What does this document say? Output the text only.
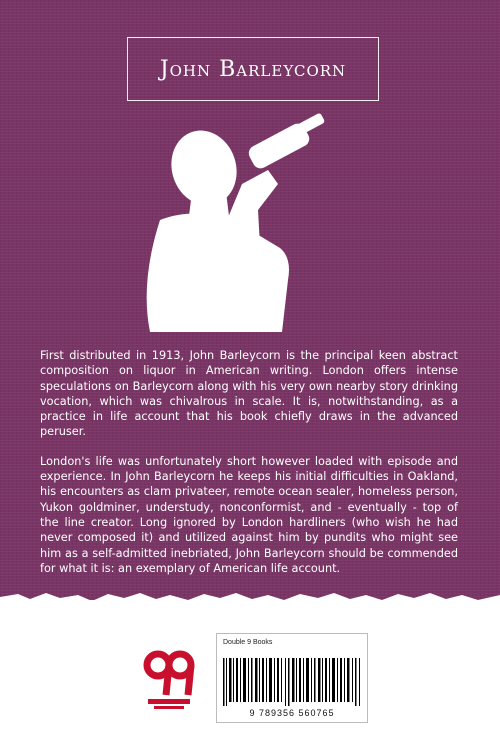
John Barleycorn

First distributed in 1913, John Barleycorn is the principal keen abstract composition on liquor in American writing. London offers intense speculations on Barleycorn along with his very own nearby story drinking vocation, which was chivalrous in scale. It is, notwithstanding, as a practice in life account that his book chiefly draws in the advanced peruser.

London's life was unfortunately short however loaded with episode and experience. In John Barleycorn he keeps his initial difficulties in Oakland, his encounters as clam privateer, remote ocean sealer, homeless person, Yukon goldminer, understudy, nonconformist, and - eventually - top of the line creator. Long ignored by London hardliners (who wish he had never composed it) and utilized against him by pundits who might see him as a self-admitted inebriated, John Barleycorn should be commended for what it is: an exemplary of American life account.

Double 9 Books
9 789356 560765
